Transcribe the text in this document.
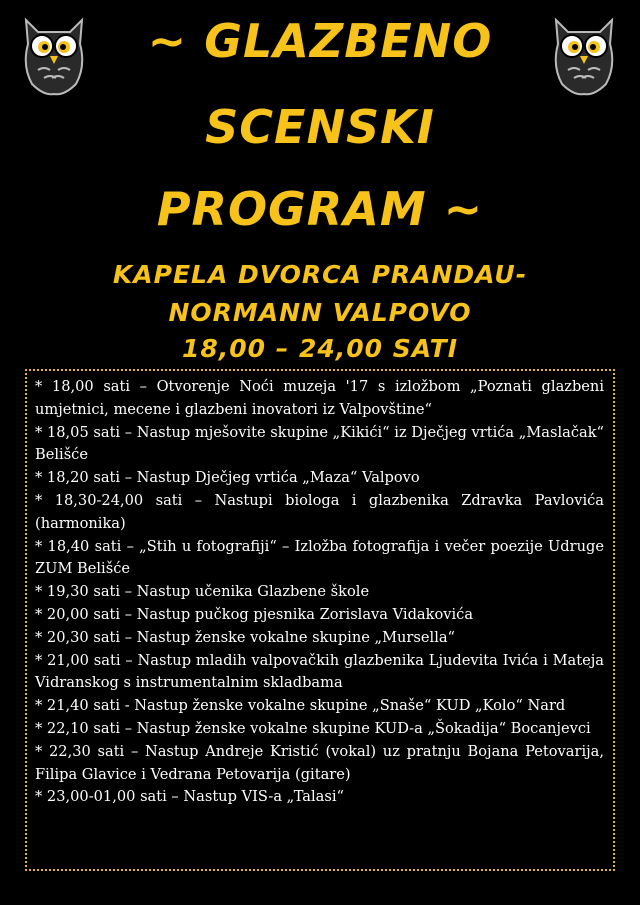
~ GLAZBENO
SCENSKI
PROGRAM ~
KAPELA DVORCA PRANDAU-
NORMANN VALPOVO
18,00 – 24,00 SATI
* 18,00 sati – Otvorenje Noći muzeja '17 s izložbom „Poznati glazbeni umjetnici, mecene i glazbeni inovatori iz Valpovštine“
* 18,05 sati – Nastup mješovite skupine „Kikići“ iz Dječjeg vrtića „Maslačak“ Belišće
* 18,20 sati – Nastup Dječjeg vrtića „Maza“ Valpovo
* 18,30-24,00 sati – Nastupi biologa i glazbenika Zdravka Pavlovića (harmonika)
* 18,40 sati – „Stih u fotografiji“ – Izložba fotografija i večer poezije Udruge ZUM Belišće
* 19,30 sati – Nastup učenika Glazbene škole
* 20,00 sati – Nastup pučkog pjesnika Zorislava Vidakovića
* 20,30 sati – Nastup ženske vokalne skupine „Mursella“
* 21,00 sati – Nastup mladih valpovačkih glazbenika Ljudevita Ivića i Mateja Vidranskog s instrumentalnim skladbama
* 21,40 sati - Nastup ženske vokalne skupine „Snaše“ KUD „Kolo“ Nard
* 22,10 sati – Nastup ženske vokalne skupine KUD-a „Šokadija“ Bocanjevci
* 22,30 sati – Nastup Andreje Kristić (vokal) uz pratnju Bojana Petovarija, Filipa Glavice i Vedrana Petovarija (gitare)
* 23,00-01,00 sati – Nastup VIS-a „Talasi“
